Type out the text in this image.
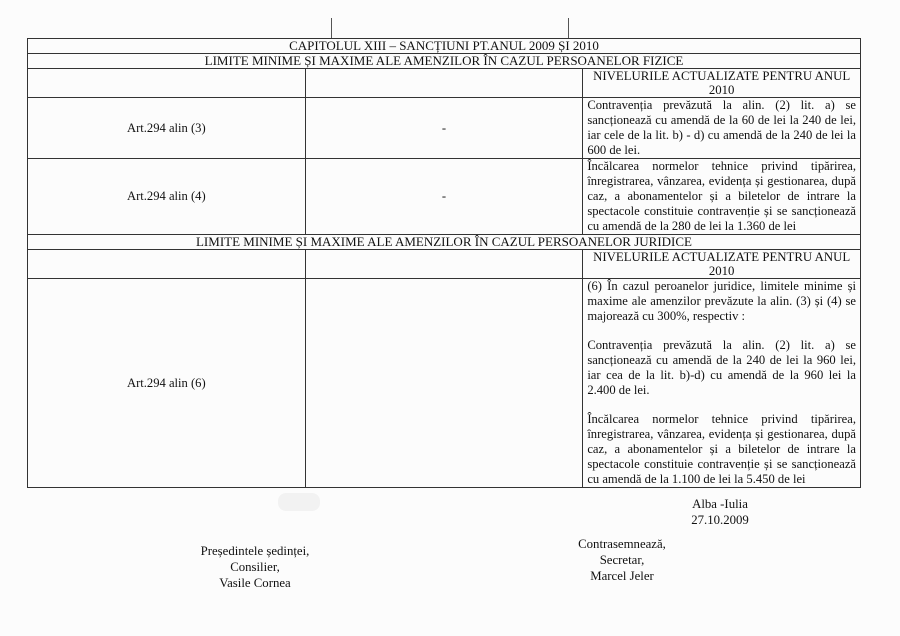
CAPITOLUL XIII – SANCȚIUNI PT.ANUL 2009 ȘI 2010		
LIMITE MINIME ȘI MAXIME ALE AMENZILOR ÎN CAZUL PERSOANELOR FIZICE		

		NIVELURILE ACTUALIZATE PENTRU ANUL 2010
Art.294 alin (3)	-	Contravenția prevăzută la alin. (2) lit. a) se sancționează cu amendă de la 60 de lei la 240 de lei, iar cele de la lit. b) - d) cu amendă de la 240 de lei la 600 de lei.
Art.294 alin (4)	-	Încălcarea normelor tehnice privind tipărirea, înregistrarea, vânzarea, evidența și gestionarea, după caz, a abonamentelor și a biletelor de intrare la spectacole constituie contravenție și se sancționează cu amendă de la 280 de lei la 1.360 de lei
LIMITE MINIME ȘI MAXIME ALE AMENZILOR ÎN CAZUL PERSOANELOR JURIDICE		

		NIVELURILE ACTUALIZATE PENTRU ANUL 2010
Art.294 alin (6)		(6) În cazul peroanelor juridice, limitele minime și maxime ale amenzilor prevăzute la alin. (3) și (4) se majorează cu 300%, respectiv :

Contravenția prevăzută la alin. (2) lit. a) se sancționează cu amendă de la 240 de lei la 960 lei, iar cea de la lit. b)-d) cu amendă de la 960 lei la 2.400 de lei.

Încălcarea normelor tehnice privind tipărirea, înregistrarea, vânzarea, evidența și gestionarea, după caz, a abonamentelor și a biletelor de intrare la spectacole constituie contravenție și se sancționează cu amendă de la 1.100 de lei la 5.450 de lei

Alba -Iulia
27.10.2009
Președintele ședinței,
Consilier,
Vasile Cornea
Contrasemnează,
Secretar,
Marcel Jeler
